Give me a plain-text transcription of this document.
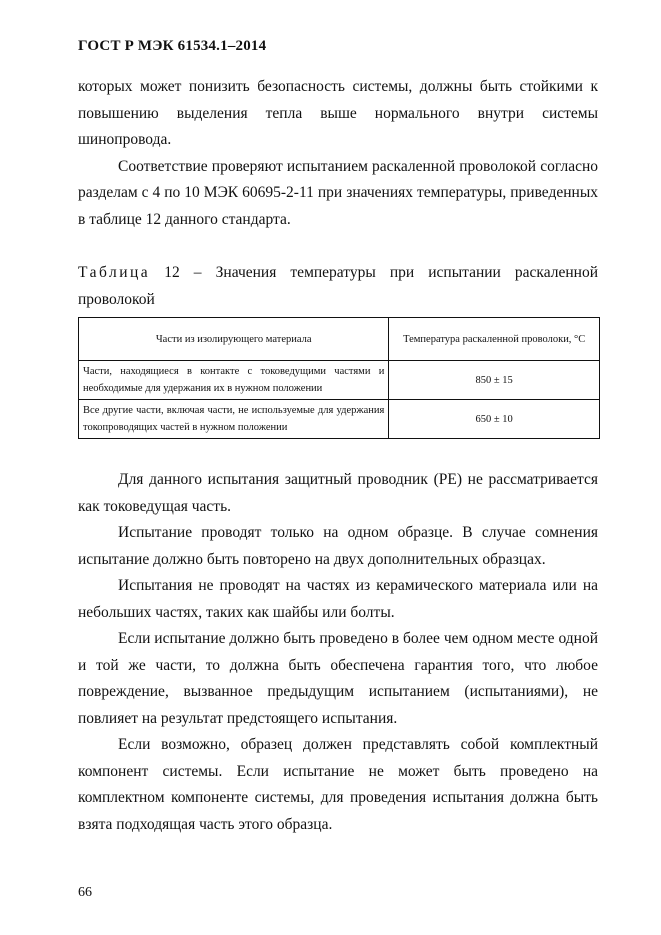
ГОСТ Р МЭК 61534.1–2014

которых может понизить безопасность системы, должны быть стойкими к повышению выделения тепла выше нормального внутри системы шинопровода.

Соответствие проверяют испытанием раскаленной проволокой согласно разделам с 4 по 10 МЭК 60695-2-11 при значениях температуры, приведенных в таблице 12 данного стандарта.

Таблица 12 – Значения температуры при испытании раскаленной проволокой

Части из изолирующего материала	Температура раскаленной проволоки, °С
Части, находящиеся в контакте с токоведущими частями и необходимые для удержания их в нужном положении	850 ± 15
Все другие части, включая части, не используемые для удержания токопроводящих частей в нужном положении	650 ± 10

Для данного испытания защитный проводник (PE) не рассматривается как токоведущая часть.

Испытание проводят только на одном образце. В случае сомнения испытание должно быть повторено на двух дополнительных образцах.

Испытания не проводят на частях из керамического материала или на небольших частях, таких как шайбы или болты.

Если испытание должно быть проведено в более чем одном месте одной и той же части, то должна быть обеспечена гарантия того, что любое повреждение, вызванное предыдущим испытанием (испытаниями), не повлияет на результат предстоящего испытания.

Если возможно, образец должен представлять собой комплектный компонент системы. Если испытание не может быть проведено на комплектном компоненте системы, для проведения испытания должна быть взята подходящая часть этого образца.

66
